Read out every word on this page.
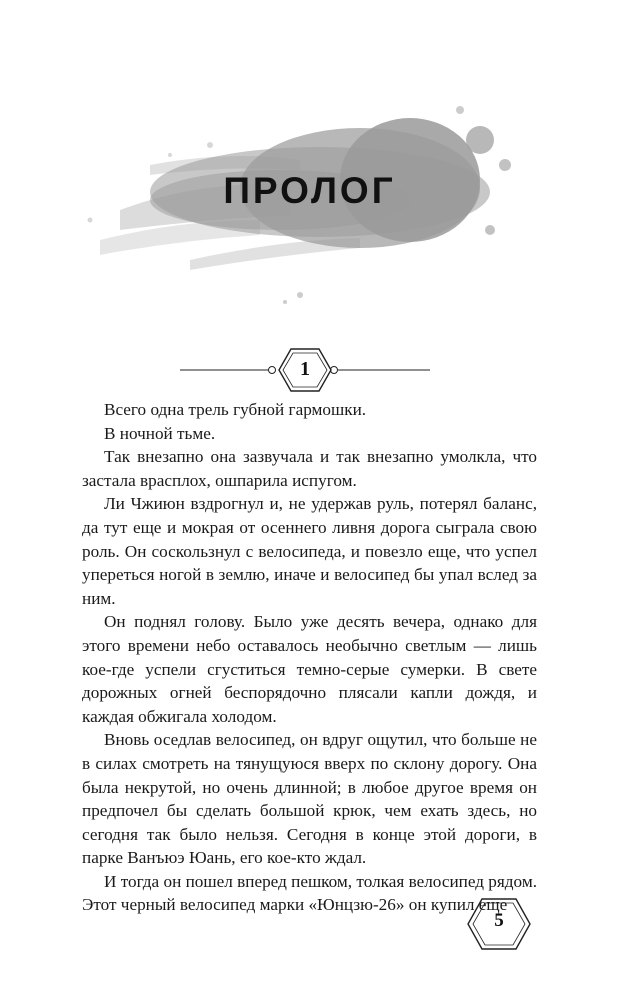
ПРОЛОГ
1

Всего одна трель губной гармошки.

В ночной тьме.

Так внезапно она зазвучала и так внезапно умолкла, что застала врасплох, ошпарила испугом.

Ли Чжиюн вздрогнул и, не удержав руль, потерял баланс, да тут еще и мокрая от осеннего ливня дорога сыграла свою роль. Он соскользнул с велосипеда, и повезло еще, что успел упереться ногой в землю, иначе и велосипед бы упал вслед за ним.

Он поднял голову. Было уже десять вечера, однако для этого времени небо оставалось необычно светлым — лишь кое-где успели сгуститься темно-серые сумерки. В свете дорожных огней беспорядочно плясали капли дождя, и каждая обжигала холодом.

Вновь оседлав велосипед, он вдруг ощутил, что больше не в силах смотреть на тянущуюся вверх по склону дорогу. Она была некрутой, но очень длинной; в любое другое время он предпочел бы сделать большой крюк, чем ехать здесь, но сегодня так было нельзя. Сегодня в конце этой дороги, в парке Ванъюэ Юань, его кое-кто ждал.

И тогда он пошел вперед пешком, толкая велосипед рядом. Этот черный велосипед марки «Юнцзю-26» он купил еще

5
